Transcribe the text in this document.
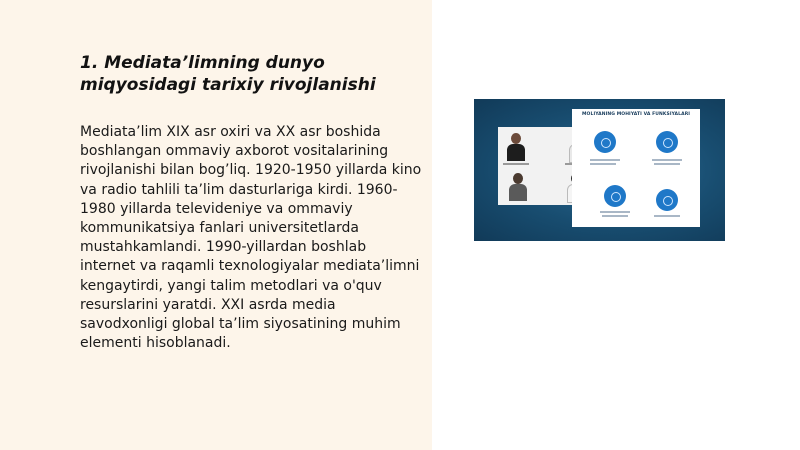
1. Mediata’limning dunyo miqyosidagi tarixiy rivojlanishi

Mediata’lim XIX asr oxiri va XX asr boshida boshlangan ommaviy axborot vositalarining rivojlanishi bilan bog’liq. 1920-1950 yillarda kino va radio tahlili ta’lim dasturlariga kirdi. 1960-1980 yillarda televideniye va ommaviy kommunikatsiya fanlari universitetlarda mustahkamlandi. 1990-yillardan boshlab internet va raqamli texnologiyalar mediata’limni kengaytirdi, yangi talim metodlari va o'quv resurslarini yaratdi. XXI asrda media savodxonligi global ta’lim siyosatining muhim elementi hisoblanadi.

MOLIYANING MOHIYATI VA FUNKSIYALARI
